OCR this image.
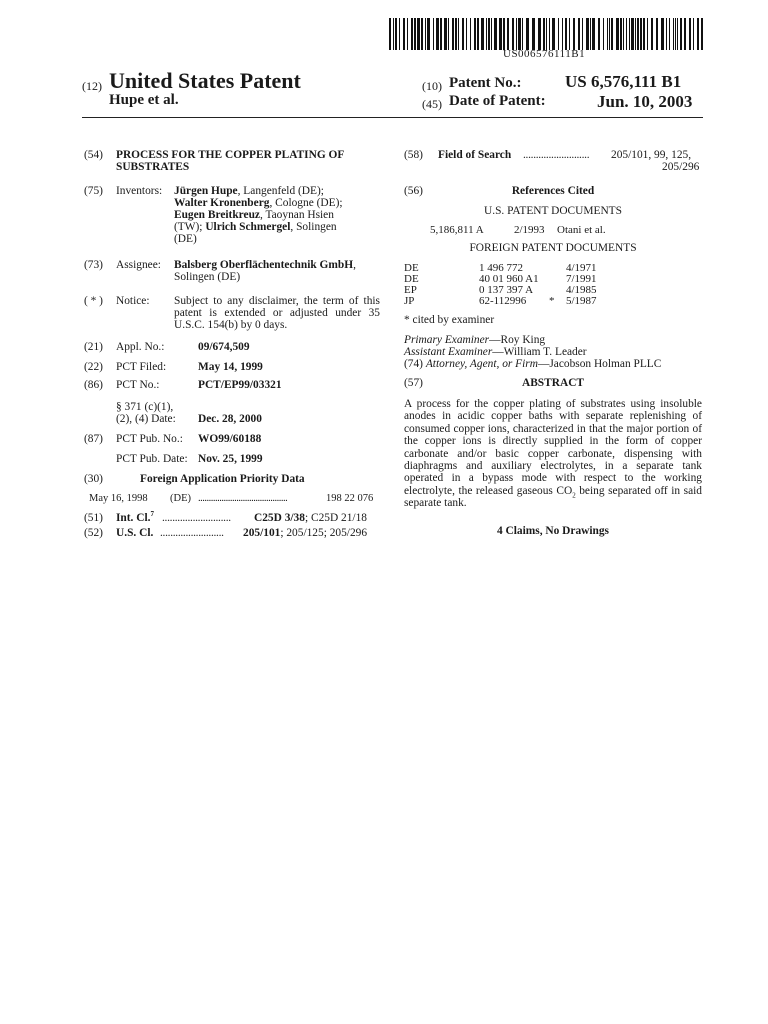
US006576111B1
(12) United States Patent
Hupe et al.
(10) Patent No.:	US 6,576,111 B1
(45) Date of Patent:	Jun. 10, 2003
(54) PROCESS FOR THE COPPER PLATING OF
SUBSTRATES
(75) Inventors: Jürgen Hupe, Langenfeld (DE);
Walter Kronenberg, Cologne (DE);
Eugen Breitkreuz, Taoynan Hsien
(TW); Ulrich Schmergel, Solingen
(DE)
(73) Assignee: Balsberg Oberflächentechnik GmbH,
Solingen (DE)
( * ) Notice: Subject to any disclaimer, the term of this
patent is extended or adjusted under 35
U.S.C. 154(b) by 0 days.
(21) Appl. No.:	09/674,509
(22) PCT Filed:	May 14, 1999
(86) PCT No.:	PCT/EP99/03321
§ 371 (c)(1),
(2), (4) Date: Dec. 28, 2000
(87) PCT Pub. No.: WO99/60188
PCT Pub. Date: Nov. 25, 1999
(30)	Foreign Application Priority Data
May 16, 1998 (DE) ..........................................	198 22 076
(51) Int. Cl.$^7$ ...........................	C25D 3/38; C25D 21/18
(52) U.S. Cl. .........................	205/101; 205/125; 205/296
(58) Field of Search ..........................	205/101, 99, 125,
205/296
(56)	References Cited
U.S. PATENT DOCUMENTS
5,186,811 A	2/1993 Otani et al.
FOREIGN PATENT DOCUMENTS
DE	1 496 772	4/1971
DE	40 01 960 A1 7/1991
EP	0 137 397 A	4/1985
JP	62-112996 * 5/1987
* cited by examiner
Primary Examiner—Roy King
Assistant Examiner—William T. Leader
(74) Attorney, Agent, or Firm—Jacobson Holman PLLC
(57)	ABSTRACT
A process for the copper plating of substrates using insoluble anodes in acidic copper baths with separate replenishing of consumed copper ions, characterized in that the major portion of the copper ions is directly supplied in the form of copper carbonate and/or basic copper carbonate, dispensing with diaphragms and auxiliary electrolytes, in a separate tank operated in a bypass mode with respect to the working electrolyte, the released gaseous $CO_2$ being separated off in said separate tank.
4 Claims, No Drawings
